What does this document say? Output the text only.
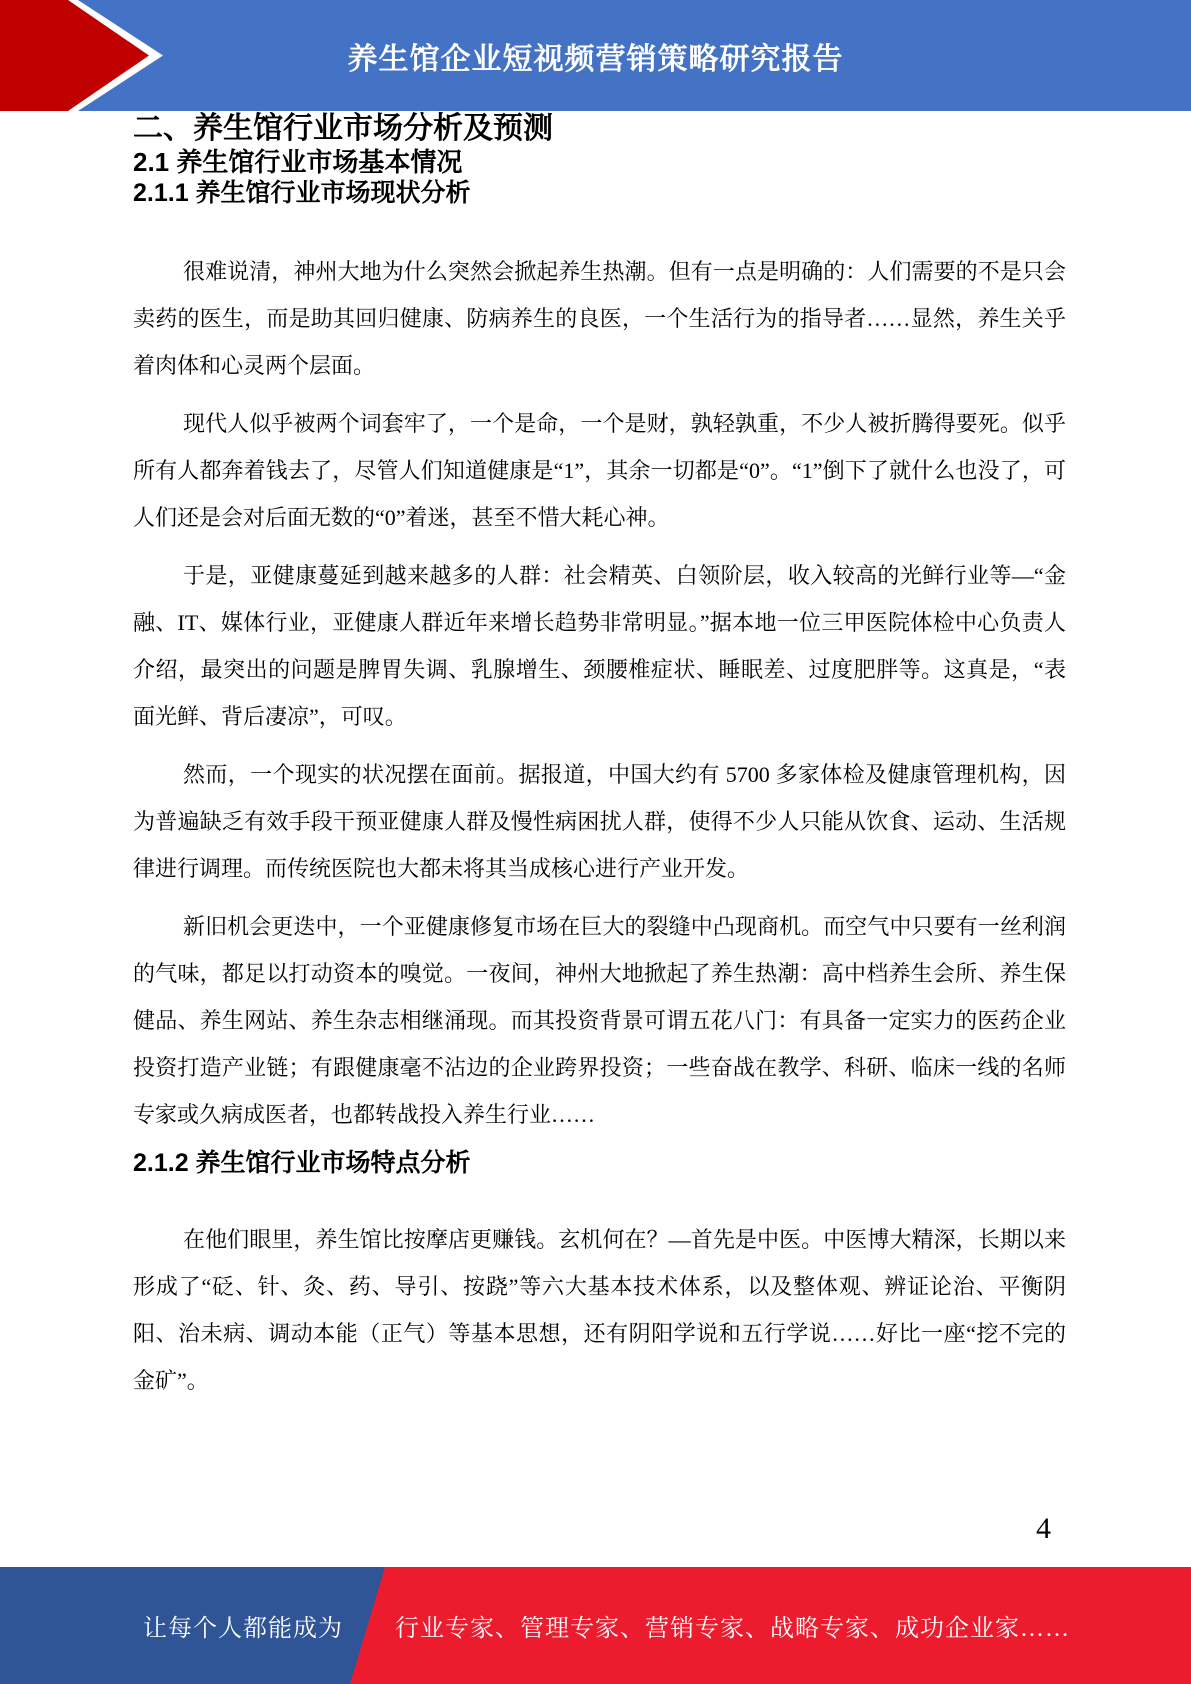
养生馆企业短视频营销策略研究报告
二、养生馆行业市场分析及预测
2.1 养生馆行业市场基本情况
2.1.1 养生馆行业市场现状分析

很难说清，神州大地为什么突然会掀起养生热潮。但有一点是明确的：人们需要的不是只会卖药的医生，而是助其回归健康、防病养生的良医，一个生活行为的指导者……显然，养生关乎着肉体和心灵两个层面。

现代人似乎被两个词套牢了，一个是命，一个是财，孰轻孰重，不少人被折腾得要死。似乎所有人都奔着钱去了，尽管人们知道健康是“1”，其余一切都是“0”。“1”倒下了就什么也没了，可人们还是会对后面无数的“0”着迷，甚至不惜大耗心神。

于是，亚健康蔓延到越来越多的人群：社会精英、白领阶层，收入较高的光鲜行业等—“金融、IT、媒体行业，亚健康人群近年来增长趋势非常明显。”据本地一位三甲医院体检中心负责人介绍，最突出的问题是脾胃失调、乳腺增生、颈腰椎症状、睡眠差、过度肥胖等。这真是，“表面光鲜、背后凄凉”，可叹。

然而，一个现实的状况摆在面前。据报道，中国大约有 5700 多家体检及健康管理机构，因为普遍缺乏有效手段干预亚健康人群及慢性病困扰人群，使得不少人只能从饮食、运动、生活规律进行调理。而传统医院也大都未将其当成核心进行产业开发。

新旧机会更迭中，一个亚健康修复市场在巨大的裂缝中凸现商机。而空气中只要有一丝利润的气味，都足以打动资本的嗅觉。一夜间，神州大地掀起了养生热潮：高中档养生会所、养生保健品、养生网站、养生杂志相继涌现。而其投资背景可谓五花八门：有具备一定实力的医药企业投资打造产业链；有跟健康毫不沾边的企业跨界投资；一些奋战在教学、科研、临床一线的名师专家或久病成医者，也都转战投入养生行业……

2.1.2 养生馆行业市场特点分析

在他们眼里，养生馆比按摩店更赚钱。玄机何在？—首先是中医。中医博大精深，长期以来形成了“砭、针、灸、药、导引、按跷”等六大基本技术体系，以及整体观、辨证论治、平衡阴阳、治未病、调动本能（正气）等基本思想，还有阴阳学说和五行学说……好比一座“挖不完的金矿”。

4
让每个人都能成为 行业专家、管理专家、营销专家、战略专家、成功企业家……
